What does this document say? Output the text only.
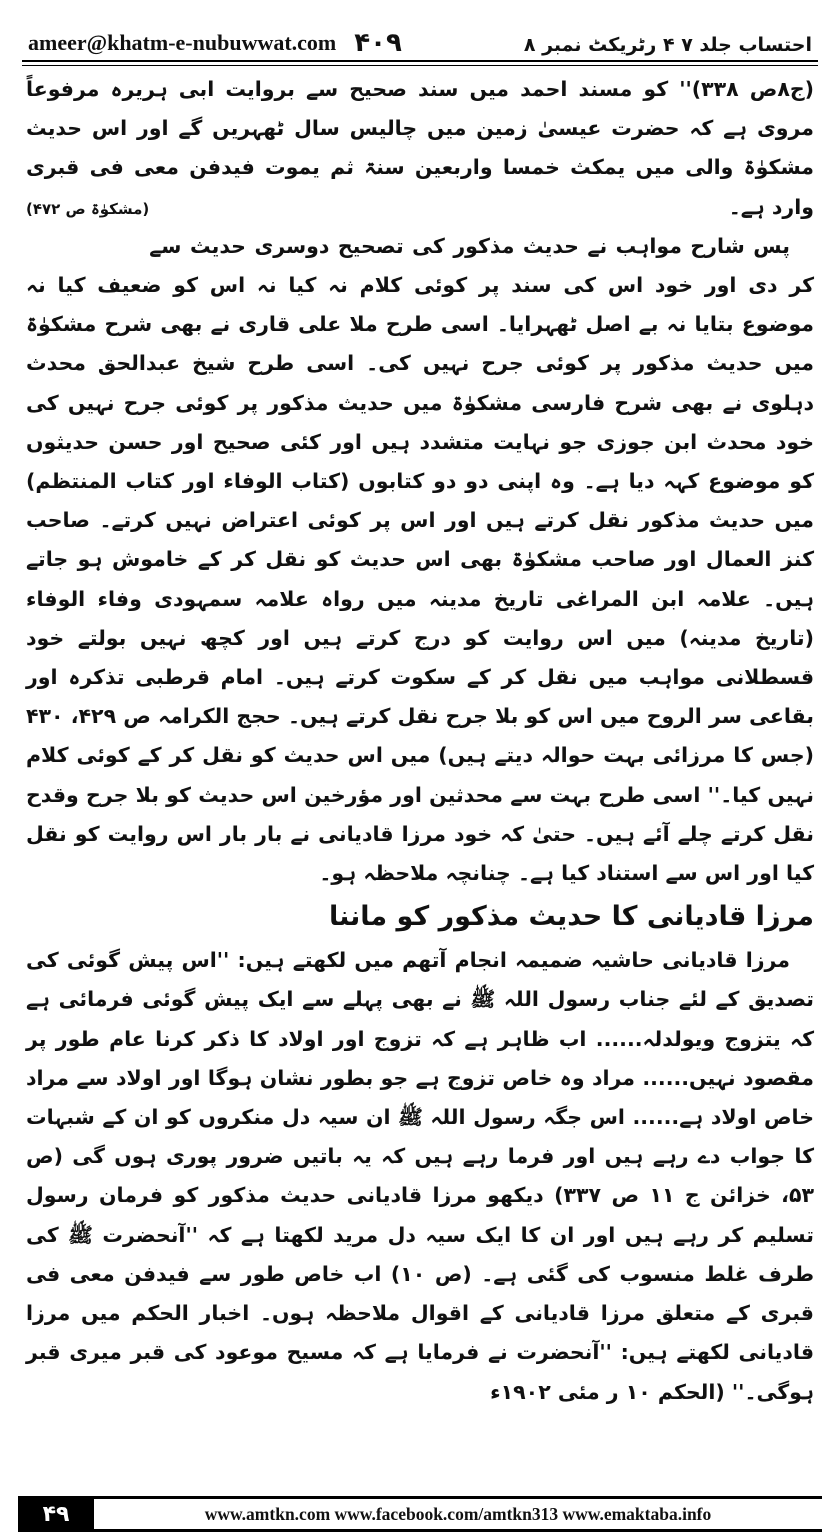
ameer@khatm-e-nubuwwat.com ۴۰۹	احتساب جلد ۷ ۴ رٹریکٹ نمبر ۸

(ج۸ص ۳۳۸)'' کو مسند احمد میں سند صحیح سے بروایت ابی ہریرہ مرفوعاً مروی ہے کہ حضرت عیسیٰ زمین میں چالیس سال ٹھہریں گے اور اس حدیث مشکوٰۃ والی میں یمکث خمسا واربعین سنۃ ثم یموت فیدفن معی فی قبری وارد ہے۔
(مشکوٰۃ ص ۴۷۲)

پس شارح مواہب نے حدیث مذکور کی تصحیح دوسری حدیث سے کر دی اور خود اس کی سند پر کوئی کلام نہ کیا نہ اس کو ضعیف کیا نہ موضوع بتایا نہ بے اصل ٹھہرایا۔ اسی طرح ملا علی قاری نے بھی شرح مشکوٰۃ میں حدیث مذکور پر کوئی جرح نہیں کی۔ اسی طرح شیخ عبدالحق محدث دہلوی نے بھی شرح فارسی مشکوٰۃ میں حدیث مذکور پر کوئی جرح نہیں کی خود محدث ابن جوزی جو نہایت متشدد ہیں اور کئی صحیح اور حسن حدیثوں کو موضوع کہہ دیا ہے۔ وہ اپنی دو دو کتابوں (کتاب الوفاء اور کتاب المنتظم) میں حدیث مذکور نقل کرتے ہیں اور اس پر کوئی اعتراض نہیں کرتے۔ صاحب کنز العمال اور صاحب مشکوٰۃ بھی اس حدیث کو نقل کر کے خاموش ہو جاتے ہیں۔ علامہ ابن المراغی تاریخ مدینہ میں رواہ علامہ سمہودی وفاء الوفاء (تاریخ مدینہ) میں اس روایت کو درج کرتے ہیں اور کچھ نہیں بولتے خود قسطلانی مواہب میں نقل کر کے سکوت کرتے ہیں۔ امام قرطبی تذکرہ اور بقاعی سر الروح میں اس کو بلا جرح نقل کرتے ہیں۔ حجج الکرامہ ص ۴۲۹، ۴۳۰ (جس کا مرزائی بہت حوالہ دیتے ہیں) میں اس حدیث کو نقل کر کے کوئی کلام نہیں کیا۔'' اسی طرح بہت سے محدثین اور مؤرخین اس حدیث کو بلا جرح وقدح نقل کرتے چلے آئے ہیں۔ حتیٰ کہ خود مرزا قادیانی نے بار بار اس روایت کو نقل کیا اور اس سے استناد کیا ہے۔ چنانچہ ملاحظہ ہو۔

مرزا قادیانی کا حدیث مذکور کو ماننا

مرزا قادیانی حاشیہ ضمیمہ انجام آتھم میں لکھتے ہیں: ''اس پیش گوئی کی تصدیق کے لئے جناب رسول اللہ ﷺ نے بھی پہلے سے ایک پیش گوئی فرمائی ہے کہ یتزوج ویولدلہ...... اب ظاہر ہے کہ تزوج اور اولاد کا ذکر کرنا عام طور پر مقصود نہیں...... مراد وہ خاص تزوج ہے جو بطور نشان ہوگا اور اولاد سے مراد خاص اولاد ہے...... اس جگہ رسول اللہ ﷺ ان سیہ دل منکروں کو ان کے شبہات کا جواب دے رہے ہیں اور فرما رہے ہیں کہ یہ باتیں ضرور پوری ہوں گی (ص ۵۳، خزائن ج ۱۱ ص ۳۳۷) دیکھو مرزا قادیانی حدیث مذکور کو فرمان رسول تسلیم کر رہے ہیں اور ان کا ایک سیہ دل مرید لکھتا ہے کہ ''آنحضرت ﷺ کی طرف غلط منسوب کی گئی ہے۔ (ص ۱۰) اب خاص طور سے فیدفن معی فی قبری کے متعلق مرزا قادیانی کے اقوال ملاحظہ ہوں۔ اخبار الحکم میں مرزا قادیانی لکھتے ہیں: ''آنحضرت نے فرمایا ہے کہ مسیح موعود کی قبر میری قبر ہوگی۔'' (الحکم ۱۰ ر مئی ۱۹۰۲ء

۴۹	www.amtkn.com www.facebook.com/amtkn313 www.emaktaba.info
